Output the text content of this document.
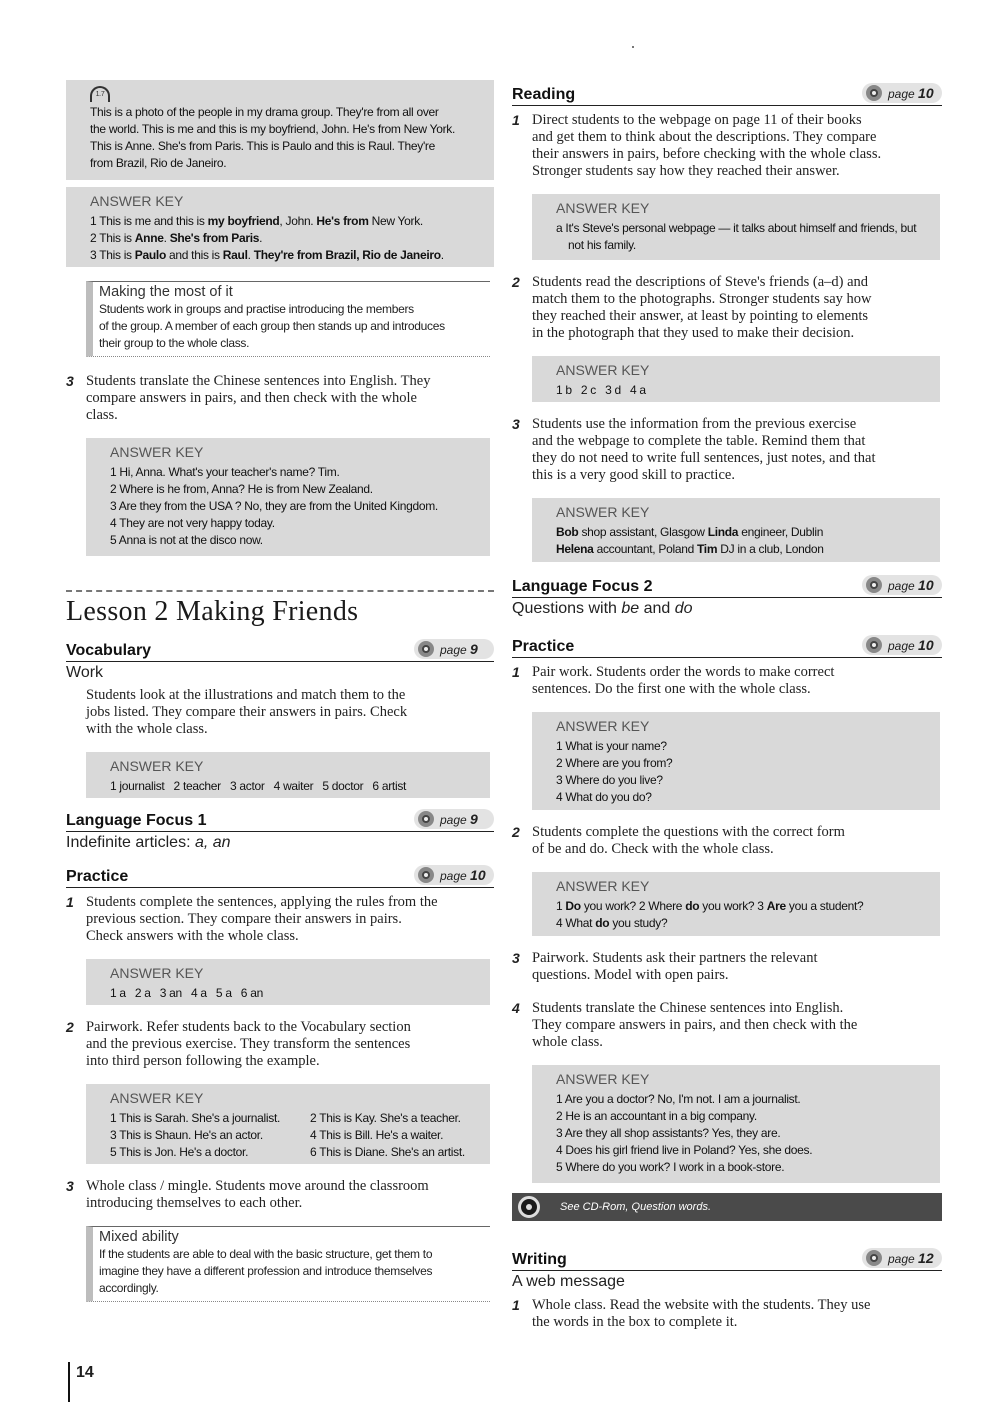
1.7
This is a photo of the people in my drama group. They're from all over
the world. This is me and this is my boyfriend, John. He's from New York.
This is Anne. She's from Paris. This is Paulo and this is Raul. They're
from Brazil, Rio de Janeiro.
ANSWER KEY
1 This is me and this is my boyfriend, John. He's from New York.
2 This is Anne. She's from Paris.
3 This is Paulo and this is Raul. They're from Brazil, Rio de Janeiro.
Making the most of it
Students work in groups and practise introducing the members
of the group. A member of each group then stands up and introduces
their group to the whole class.
3 Students translate the Chinese sentences into English. They
compare answers in pairs, and then check with the whole
class.
ANSWER KEY
1 Hi, Anna. What's your teacher's name? Tim.
2 Where is he from, Anna? He is from New Zealand.
3 Are they from the USA ? No, they are from the United Kingdom.
4 They are not very happy today.
5 Anna is not at the disco now.
Lesson 2 Making Friends
Vocabulary	page 9
Work
Students look at the illustrations and match them to the
jobs listed. They compare their answers in pairs. Check
with the whole class.
ANSWER KEY
1 journalist   2 teacher   3 actor   4 waiter   5 doctor   6 artist
Language Focus 1	page 9
Indefinite articles: a, an
Practice	page 10
1 Students complete the sentences, applying the rules from the
previous section. They compare their answers in pairs.
Check answers with the whole class.
ANSWER KEY
1 a   2 a   3 an   4 a   5 a   6 an
2 Pairwork. Refer students back to the Vocabulary section
and the previous exercise. They transform the sentences
into third person following the example.
ANSWER KEY
1 This is Sarah. She's a journalist.	2 This is Kay. She's a teacher.
3 This is Shaun. He's an actor.	4 This is Bill. He's a waiter.
5 This is Jon. He's a doctor.	6 This is Diane. She's an artist.
3 Whole class / mingle. Students move around the classroom
introducing themselves to each other.
Mixed ability
If the students are able to deal with the basic structure, get them to
imagine they have a different profession and introduce themselves
accordingly.
Reading	page 10
1 Direct students to the webpage on page 11 of their books
and get them to think about the descriptions. They compare
their answers in pairs, before checking with the whole class.
Stronger students say how they reached their answer.
ANSWER KEY
a It's Steve's personal webpage — it talks about himself and friends, but
not his family.
2 Students read the descriptions of Steve's friends (a–d) and
match them to the photographs. Stronger students say how
they reached their answer, at least by pointing to elements
in the photograph that they used to make their decision.
ANSWER KEY
1 b   2 c   3 d   4 a
3 Students use the information from the previous exercise
and the webpage to complete the table. Remind them that
they do not need to write full sentences, just notes, and that
this is a very good skill to practice.
ANSWER KEY
Bob shop assistant, Glasgow Linda engineer, Dublin
Helena accountant, Poland Tim DJ in a club, London
Language Focus 2	page 10
Questions with be and do
Practice	page 10
1 Pair work. Students order the words to make correct
sentences. Do the first one with the whole class.
ANSWER KEY
1 What is your name?
2 Where are you from?
3 Where do you live?
4 What do you do?
2 Students complete the questions with the correct form
of be and do. Check with the whole class.
ANSWER KEY
1 Do you work? 2 Where do you work? 3 Are you a student?
4 What do you study?
3 Pairwork. Students ask their partners the relevant
questions. Model with open pairs.
4 Students translate the Chinese sentences into English.
They compare answers in pairs, and then check with the
whole class.
ANSWER KEY
1 Are you a doctor? No, I'm not. I am a journalist.
2 He is an accountant in a big company.
3 Are they all shop assistants? Yes, they are.
4 Does his girl friend live in Poland? Yes, she does.
5 Where do you work? I work in a book-store.
See CD-Rom, Question words.
Writing	page 12
A web message
1 Whole class. Read the website with the students. They use
the words in the box to complete it.
14
